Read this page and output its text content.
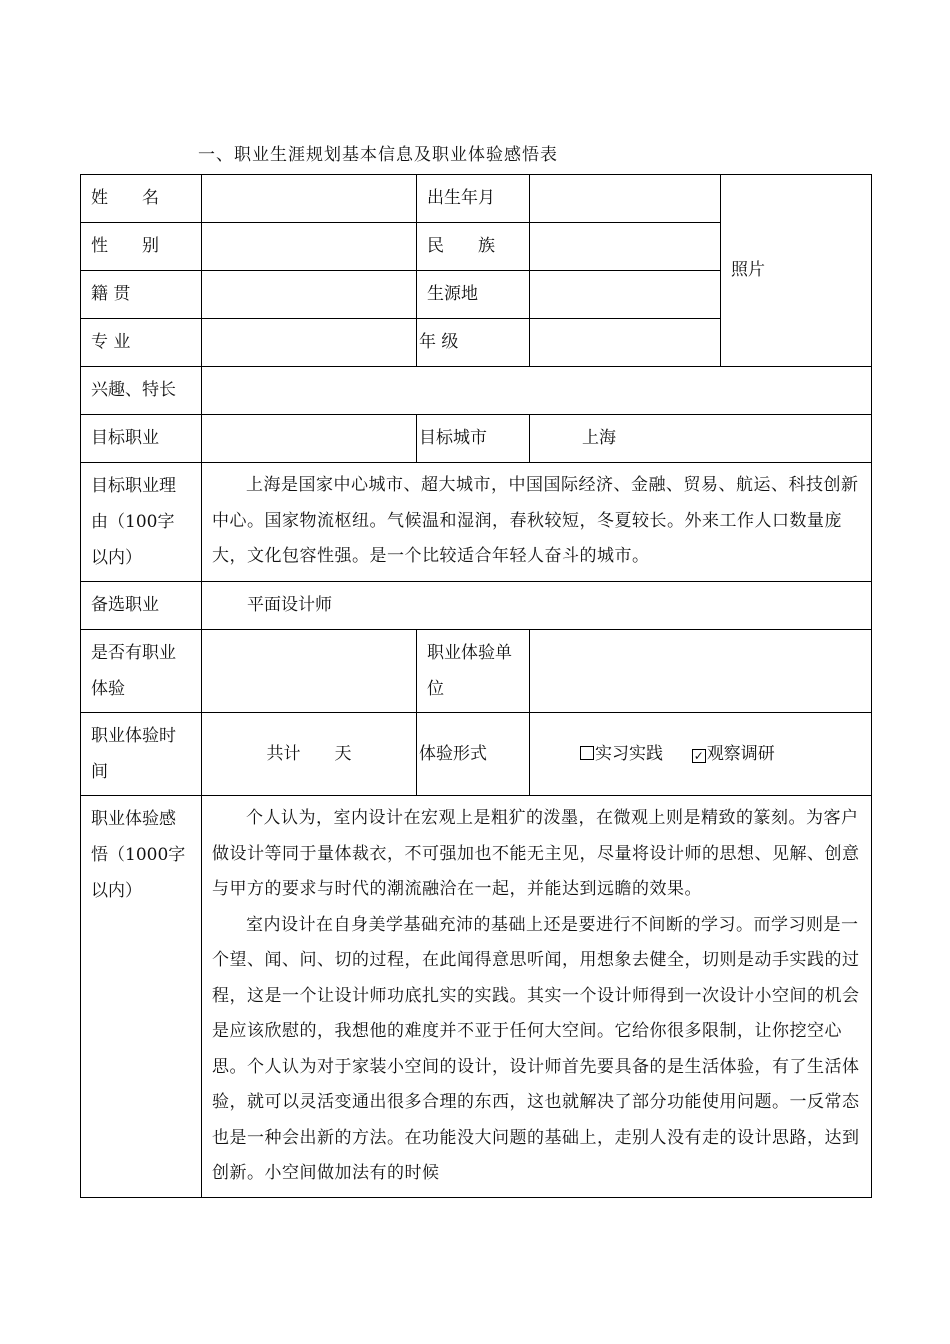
一、职业生涯规划基本信息及职业体验感悟表
姓　　名		出生年月		照片
性　　别		民　　族		
籍 贯		生源地		
专 业		年 级		
兴趣、特长				
目标职业		目标城市	上海	
目标职业理由（100字以内）	上海是国家中心城市、超大城市，中国国际经济、金融、贸易、航运、科技创新中心。国家物流枢纽。气候温和湿润，春秋较短，冬夏较长。外来工作人口数量庞大，文化包容性强。是一个比较适合年轻人奋斗的城市。			

备选职业	平面设计师			
是否有职业体验		职业体验单位		
职业体验时间	共计　　天	体验形式	实习实践 ✓ 观察调研	
职业体验感悟（1000字以内）	个人认为，室内设计在宏观上是粗犷的泼墨，在微观上则是精致的篆刻。为客户做设计等同于量体裁衣，不可强加也不能无主见，尽量将设计师的思想、见解、创意与甲方的要求与时代的潮流融洽在一起，并能达到远瞻的效果。

室内设计在自身美学基础充沛的基础上还是要进行不间断的学习。而学习则是一个望、闻、问、切的过程，在此闻得意思听闻，用想象去健全，切则是动手实践的过程，这是一个让设计师功底扎实的实践。其实一个设计师得到一次设计小空间的机会是应该欣慰的，我想他的难度并不亚于任何大空间。它给你很多限制，让你挖空心思。个人认为对于家装小空间的设计，设计师首先要具备的是生活体验，有了生活体验，就可以灵活变通出很多合理的东西，这也就解决了部分功能使用问题。一反常态也是一种会出新的方法。在功能没大问题的基础上，走别人没有走的设计思路，达到创新。小空间做加法有的时候			
